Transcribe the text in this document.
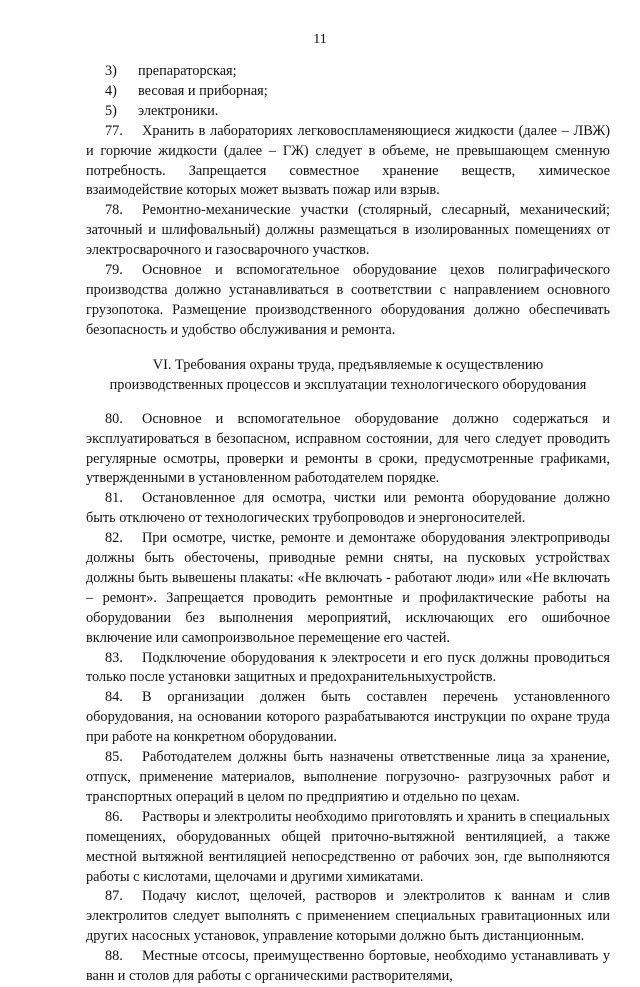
11
3)	препараторская;
4)	весовая и приборная;
5)	электроники.

77. Хранить в лабораториях легковоспламеняющиеся жидкости (далее – ЛВЖ) и горючие жидкости (далее – ГЖ) следует в объеме, не превышающем сменную потребность. Запрещается совместное хранение веществ, химическое взаимодействие которых может вызвать пожар или взрыв.

78. Ремонтно-механические участки (столярный, слесарный, механический; заточный и шлифовальный) должны размещаться в изолированных помещениях от электросварочного и газосварочного участков.

79. Основное и вспомогательное оборудование цехов полиграфического производства должно устанавливаться в соответствии с направлением основного грузопотока. Размещение производственного оборудования должно обеспечивать безопасность и удобство обслуживания и ремонта.

VI. Требования охраны труда, предъявляемые к осуществлению
производственных процессов и эксплуатации технологического оборудования

80. Основное и вспомогательное оборудование должно содержаться и эксплуатироваться в безопасном, исправном состоянии, для чего следует проводить регулярные осмотры, проверки и ремонты в сроки, предусмотренные графиками, утвержденными в установленном работодателем порядке.

81. Остановленное для осмотра, чистки или ремонта оборудование должно быть отключено от технологических трубопроводов и энергоносителей.

82. При осмотре, чистке, ремонте и демонтаже оборудования электроприводы должны быть обесточены, приводные ремни сняты, на пусковых устройствах должны быть вывешены плакаты: «Не включать - работают люди» или «Не включать – ремонт». Запрещается проводить ремонтные и профилактические работы на оборудовании без выполнения мероприятий, исключающих его ошибочное включение или самопроизвольное перемещение его частей.

83. Подключение оборудования к электросети и его пуск должны проводиться только после установки защитных и предохранительныхустройств.

84. В организации должен быть составлен перечень установленного оборудования, на основании которого разрабатываются инструкции по охране труда при работе на конкретном оборудовании.

85. Работодателем должны быть назначены ответственные лица за хранение, отпуск, применение материалов, выполнение погрузочно- разгрузочных работ и транспортных операций в целом по предприятию и отдельно по цехам.

86. Растворы и электролиты необходимо приготовлять и хранить в специальных помещениях, оборудованных общей приточно-вытяжной вентиляцией, а также местной вытяжной вентиляцией непосредственно от рабочих зон, где выполняются работы с кислотами, щелочами и другими химикатами.

87. Подачу кислот, щелочей, растворов и электролитов к ваннам и слив электролитов следует выполнять с применением специальных гравитационных или других насосных установок, управление которыми должно быть дистанционным.

88. Местные отсосы, преимущественно бортовые, необходимо устанавливать у ванн и столов для работы с органическими растворителями,
